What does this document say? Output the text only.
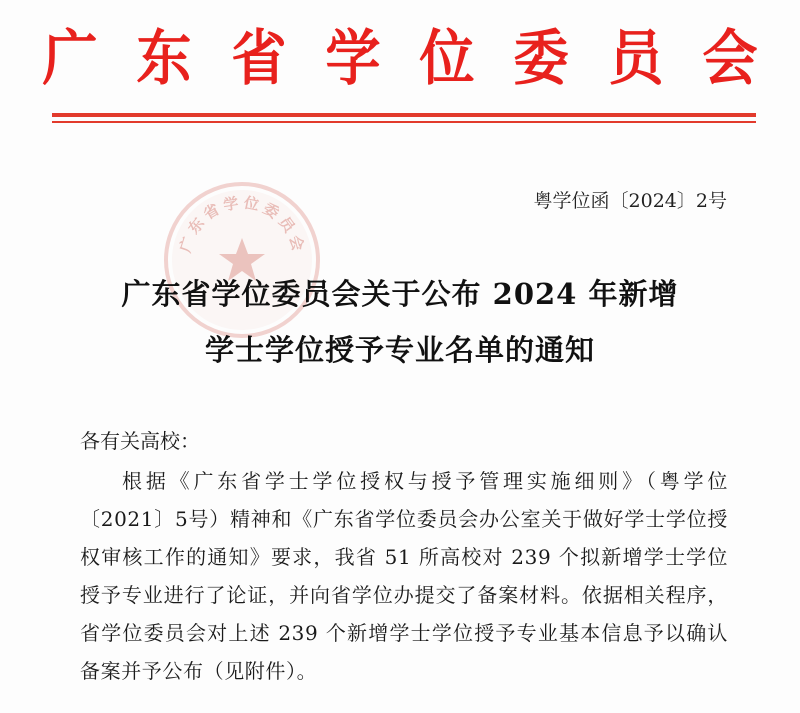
广 东 省 学 位 委 员 会
广东省学位委员会
粤学位函〔2024〕2号
广东省学位委员会关于公布 2024 年新增
学士学位授予专业名单的通知
各有关高校：
根据《广东省学士学位授权与授予管理实施细则》（粤学位〔2021〕5号）精神和《广东省学位委员会办公室关于做好学士学位授权审核工作的通知》要求，我省 51 所高校对 239 个拟新增学士学位授予专业进行了论证，并向省学位办提交了备案材料。依据相关程序，省学位委员会对上述 239 个新增学士学位授予专业基本信息予以确认备案并予公布（见附件）。
